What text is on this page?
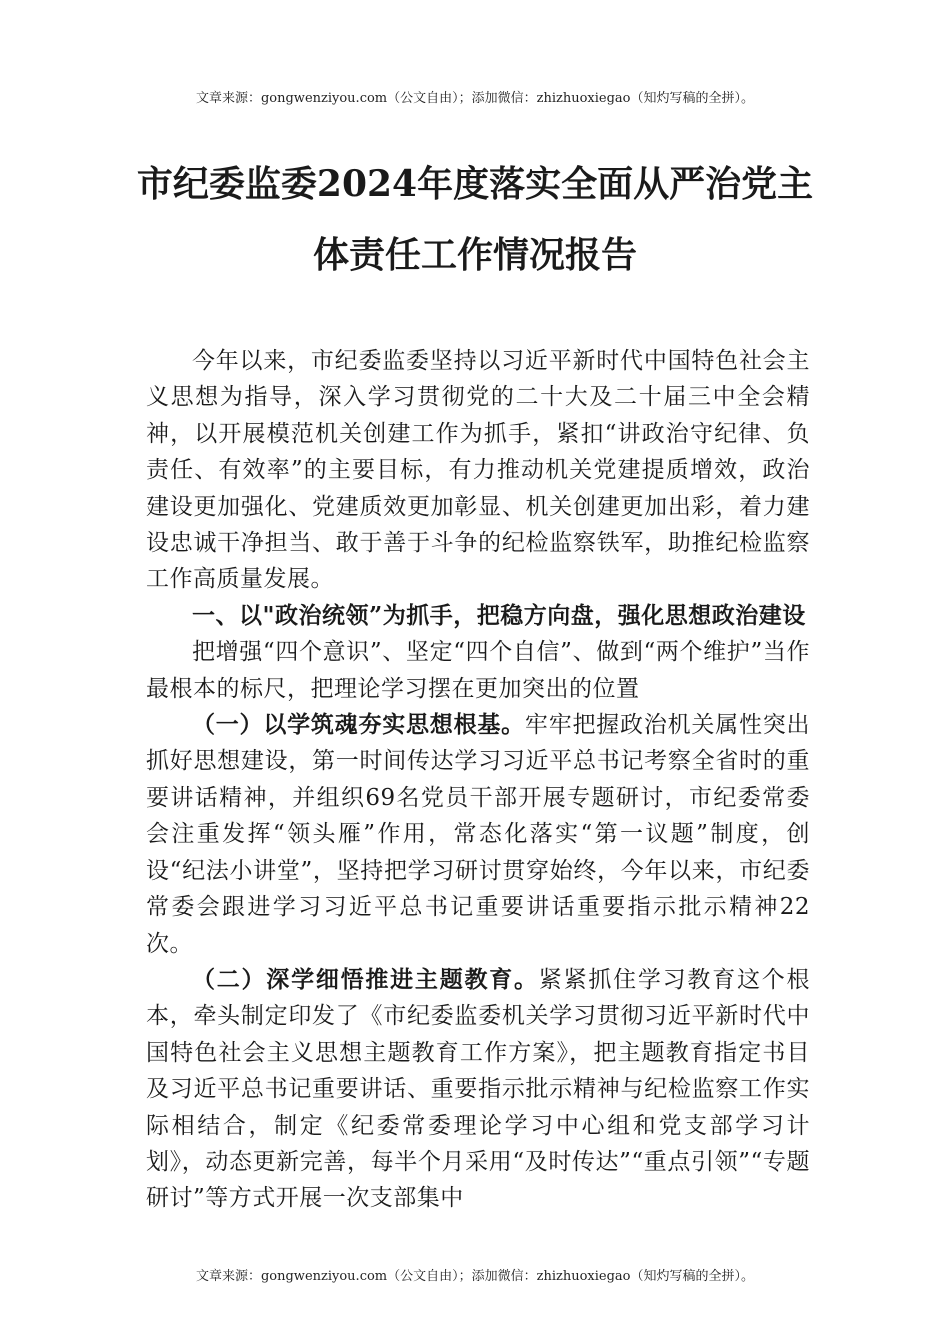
文章来源：gongwenziyou.com（公文自由）；添加微信：zhizhuoxiegao（知灼写稿的全拼）。
市纪委监委2024年度落实全面从严治党主
体责任工作情况报告

今年以来，市纪委监委坚持以习近平新时代中国特色社会主义思想为指导，深入学习贯彻党的二十大及二十届三中全会精神，以开展模范机关创建工作为抓手，紧扣“讲政治守纪律、负责任、有效率”的主要目标，有力推动机关党建提质增效，政治建设更加强化、党建质效更加彰显、机关创建更加出彩，着力建设忠诚干净担当、敢于善于斗争的纪检监察铁军，助推纪检监察工作高质量发展。

一、以"政治统领”为抓手，把稳方向盘，强化思想政治建设

把增强“四个意识”、坚定“四个自信”、做到“两个维护”当作最根本的标尺，把理论学习摆在更加突出的位置

（一）以学筑魂夯实思想根基。牢牢把握政治机关属性突出抓好思想建设，第一时间传达学习习近平总书记考察全省时的重要讲话精神，并组织69名党员干部开展专题研讨，市纪委常委会注重发挥“领头雁”作用，常态化落实“第一议题”制度，创设“纪法小讲堂”，坚持把学习研讨贯穿始终，今年以来，市纪委常委会跟进学习习近平总书记重要讲话重要指示批示精神22次。

（二）深学细悟推进主题教育。紧紧抓住学习教育这个根本，牵头制定印发了《市纪委监委机关学习贯彻习近平新时代中国特色社会主义思想主题教育工作方案》，把主题教育指定书目及习近平总书记重要讲话、重要指示批示精神与纪检监察工作实际相结合，制定《纪委常委理论学习中心组和党支部学习计划》，动态更新完善，每半个月采用“及时传达”“重点引领”“专题研讨”等方式开展一次支部集中

文章来源：gongwenziyou.com（公文自由）；添加微信：zhizhuoxiegao（知灼写稿的全拼）。
